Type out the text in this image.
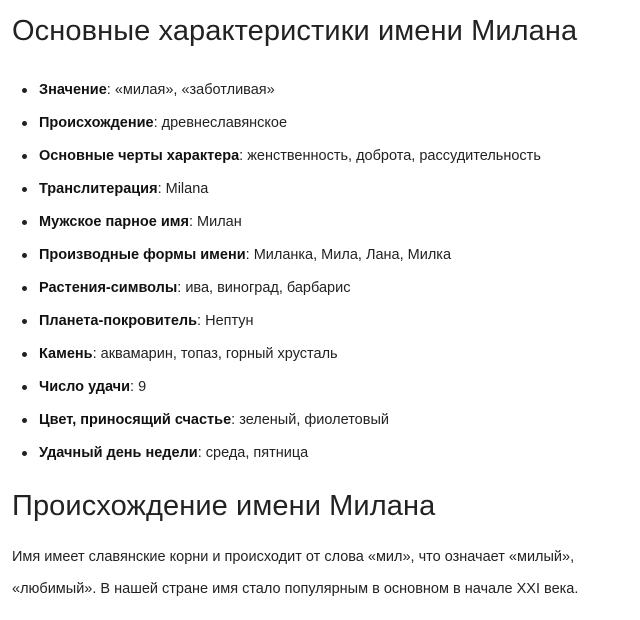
Основные характеристики имени Милана
Значение: «милая», «заботливая»
Происхождение: древнеславянское
Основные черты характера: женственность, доброта, рассудительность
Транслитерация: Milana
Мужское парное имя: Милан
Производные формы имени: Миланка, Мила, Лана, Милка
Растения-символы: ива, виноград, барбарис
Планета-покровитель: Нептун
Камень: аквамарин, топаз, горный хрусталь
Число удачи: 9
Цвет, приносящий счастье: зеленый, фиолетовый
Удачный день недели: среда, пятница
Происхождение имени Милана

Имя имеет славянские корни и происходит от слова «мил», что означает «милый», «любимый». В нашей стране имя стало популярным в основном в начале XXI века.
